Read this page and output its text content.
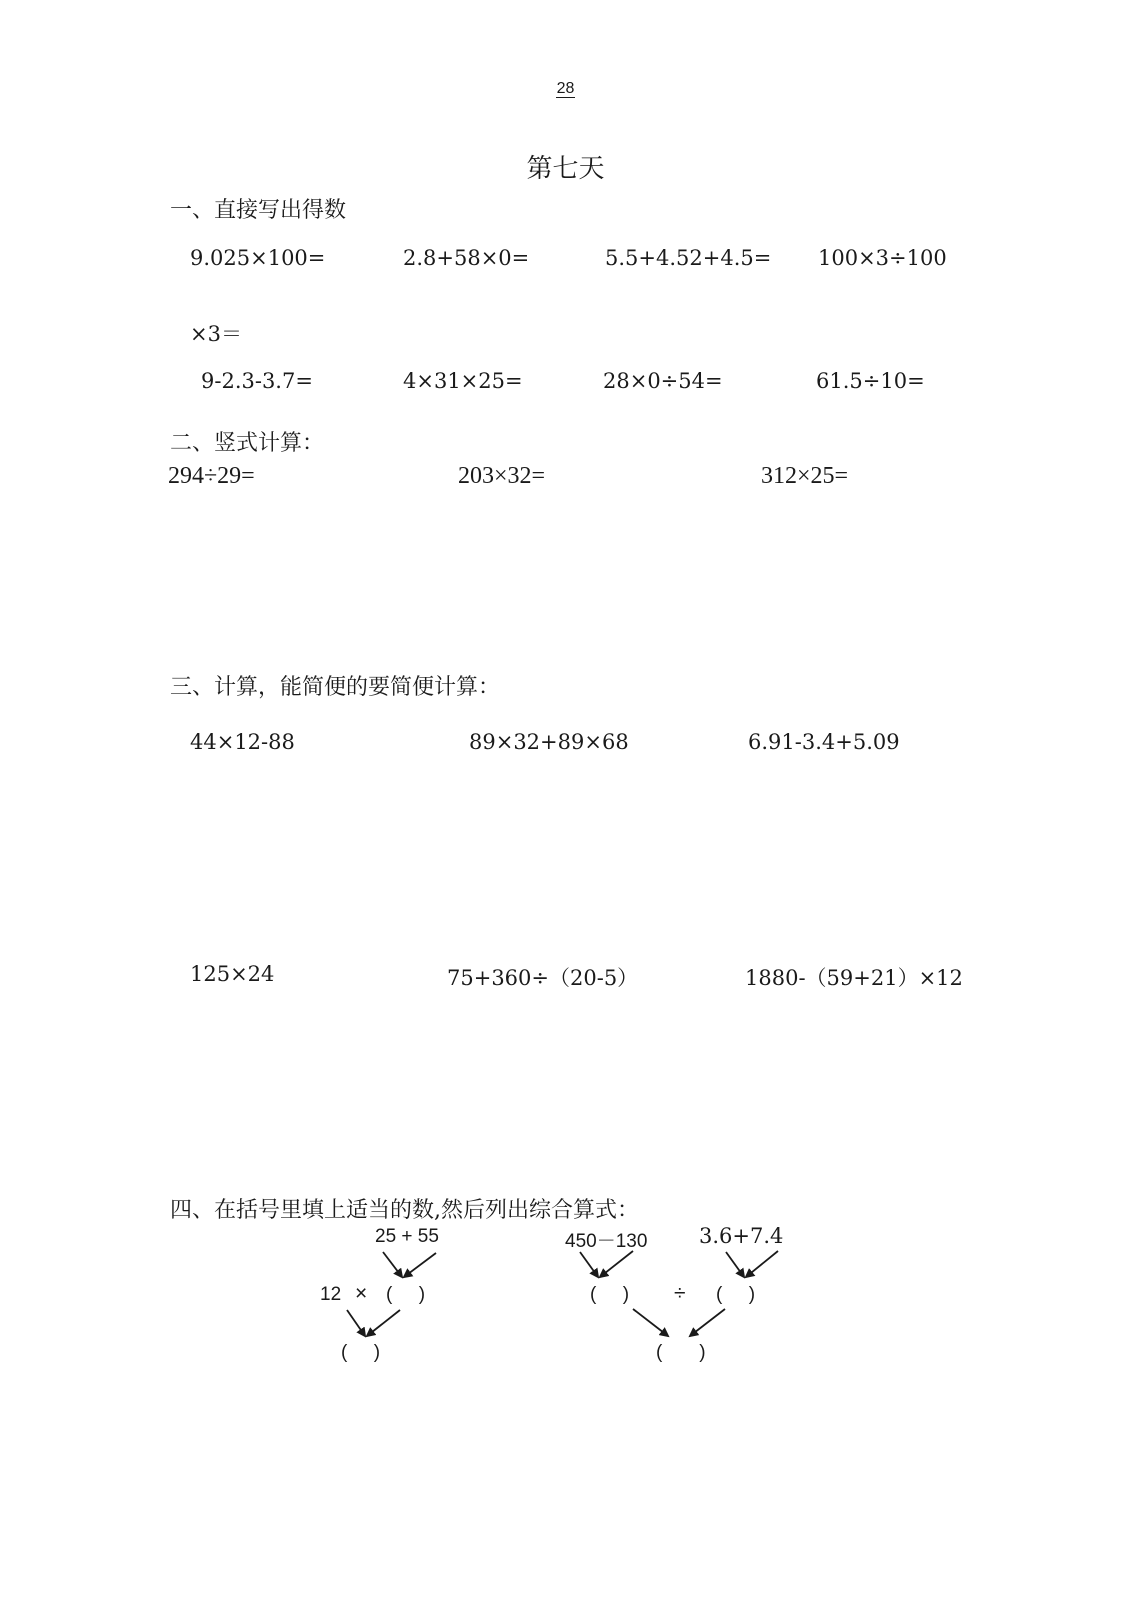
28
第七天
一、直接写出得数
9.025×100=	2.8+58×0=	5.5+4.52+4.5= 100×3÷100
×3＝
9-2.3-3.7=	4×31×25=	28×0÷54=	61.5÷10=
二、竖式计算：
294÷29=	203×32=	312×25=
三、计算，能简便的要简便计算：
44×12-88	89×32+89×68	6.91-3.4+5.09
125×24	75+360÷（20-5）	1880-（59+21）×12
四、在括号里填上适当的数,然后列出综合算式：
25 + 55
12 × (     )
(     )
450－130 3.6+7.4
(     ) ÷ (     )
(       )
